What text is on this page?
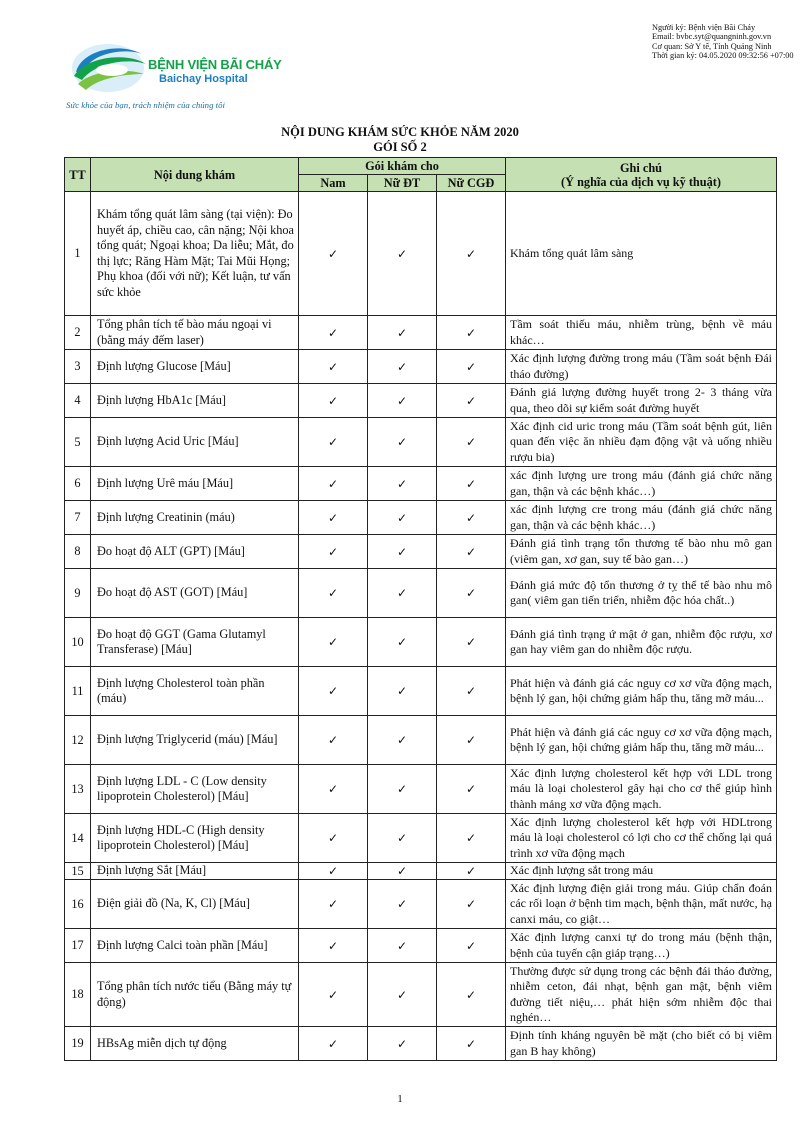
Người ký: Bệnh viện Bãi Cháy
Email: bvbc.syt@quangninh.gov.vn
Cơ quan: Sở Y tế, Tỉnh Quảng Ninh
Thời gian ký: 04.05.2020 09:32:56 +07:00
BỆNH VIỆN BÃI CHÁY
Baichay Hospital
Sức khỏe của bạn, trách nhiệm của chúng tôi
NỘI DUNG KHÁM SỨC KHỎE NĂM 2020
GÓI SỐ 2
TT	Nội dung khám	Gói khám cho			Ghi chú
(Ý nghĩa của dịch vụ kỹ thuật)

		Nam	Nữ ĐT	Nữ CGĐ	
1	Khám tổng quát lâm sàng (tại viện): Đo huyết áp, chiều cao, cân nặng; Nội khoa tổng quát; Ngoại khoa; Da liễu; Mắt, đo thị lực; Răng Hàm Mặt; Tai Mũi Họng; Phụ khoa (đối với nữ); Kết luận, tư vấn sức khỏe	✓	✓	✓	Khám tổng quát lâm sàng
2	Tổng phân tích tế bào máu ngoại vi (bằng máy đếm laser)	✓	✓	✓	Tầm soát thiếu máu, nhiễm trùng, bệnh về máu khác…
3	Định lượng Glucose [Máu]	✓	✓	✓	Xác định lượng đường trong máu (Tầm soát bệnh Đái tháo đường)
4	Định lượng HbA1c [Máu]	✓	✓	✓	Đánh giá lượng đường huyết trong 2- 3 tháng vừa qua, theo dõi sự kiểm soát đường huyết
5	Định lượng Acid Uric [Máu]	✓	✓	✓	Xác định cid uric trong máu (Tầm soát bệnh gút, liên quan đến việc ăn nhiều đạm động vật và uống nhiều rượu bia)
6	Định lượng Urê máu [Máu]	✓	✓	✓	xác định lượng ure trong máu (đánh giá chức năng gan, thận và các bệnh khác…)
7	Định lượng Creatinin (máu)	✓	✓	✓	xác định lượng cre trong máu (đánh giá chức năng gan, thận và các bệnh khác…)
8	Đo hoạt độ ALT (GPT) [Máu]	✓	✓	✓	Đánh giá tình trạng tổn thương tế bào nhu mô gan (viêm gan, xơ gan, suy tế bào gan…)
9	Đo hoạt độ AST (GOT) [Máu]	✓	✓	✓	Đánh giá mức độ tổn thương ở tỵ thể tế bào nhu mô gan( viêm gan tiến triển, nhiễm độc hóa chất..)
10	Đo hoạt độ GGT (Gama Glutamyl Transferase) [Máu]	✓	✓	✓	Đánh giá tình trạng ứ mật ở gan, nhiễm độc rượu, xơ gan hay viêm gan do nhiễm độc rượu.
11	Định lượng Cholesterol toàn phần (máu)	✓	✓	✓	Phát hiện và đánh giá các nguy cơ xơ vữa động mạch, bệnh lý gan, hội chứng giảm hấp thu, tăng mỡ máu...
12	Định lượng Triglycerid (máu) [Máu]	✓	✓	✓	Phát hiện và đánh giá các nguy cơ xơ vữa động mạch, bệnh lý gan, hội chứng giảm hấp thu, tăng mỡ máu...
13	Định lượng LDL - C (Low density lipoprotein Cholesterol) [Máu]	✓	✓	✓	Xác định lượng cholesterol kết hợp với LDL trong máu là loại cholesterol gây hại cho cơ thể giúp hình thành mảng xơ vữa động mạch.
14	Định lượng HDL-C (High density lipoprotein Cholesterol) [Máu]	✓	✓	✓	Xác định lượng cholesterol kết hợp với HDLtrong máu là loại cholesterol có lợi cho cơ thể chống lại quá trình xơ vữa động mạch
15	Định lượng Sắt [Máu]	✓	✓	✓	Xác định lượng sắt trong máu
16	Điện giải đồ (Na, K, Cl) [Máu]	✓	✓	✓	Xác định lượng điện giải trong máu. Giúp chẩn đoán các rối loạn ở bệnh tim mạch, bệnh thận, mất nước, hạ canxi máu, co giật…
17	Định lượng Calci toàn phần [Máu]	✓	✓	✓	Xác định lượng canxi tự do trong máu (bệnh thận, bệnh của tuyến cận giáp trạng…)
18	Tổng phân tích nước tiểu (Bằng máy tự động)	✓	✓	✓	Thường được sử dụng trong các bệnh đái tháo đường, nhiễm ceton, đái nhạt, bệnh gan mật, bệnh viêm đường tiết niệu,… phát hiện sớm nhiễm độc thai nghén…
19	HBsAg miễn dịch tự động	✓	✓	✓	Định tính kháng nguyên bề mặt (cho biết có bị viêm gan B hay không)
1
